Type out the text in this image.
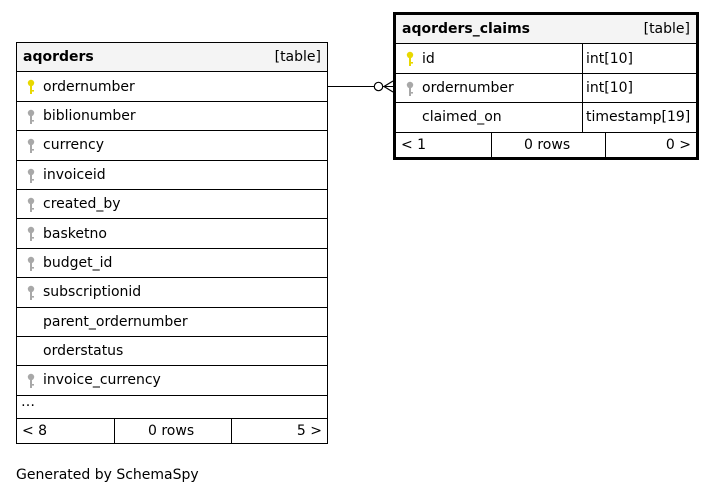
aqorders	[table]
ordernumber
biblionumber
currency
invoiceid
created_by
basketno
budget_id
subscriptionid
parent_ordernumber
orderstatus
invoice_currency
…
< 8	0 rows	5 >
aqorders_claims	[table]
id	int[10]
ordernumber	int[10]
claimed_on	timestamp[19]
< 1	0 rows	0 >
Generated by SchemaSpy
